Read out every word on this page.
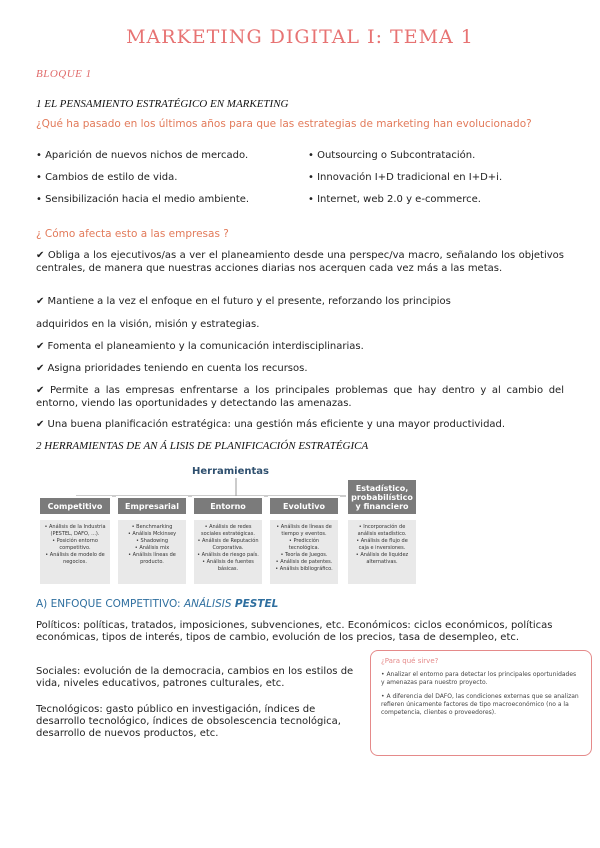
MARKETING DIGITAL I: TEMA 1
BLOQUE 1
1 EL PENSAMIENTO ESTRATÉGICO EN MARKETING
¿Qué ha pasado en los últimos años para que las estrategias de marketing han evolucionado?
• Aparición de nuevos nichos de mercado.
• Cambios de estilo de vida.
• Sensibilización hacia el medio ambiente.
• Outsourcing o Subcontratación.
• Innovación I+D tradicional en I+D+i.
• Internet, web 2.0 y e-commerce.
¿ Cómo afecta esto a las empresas ?
✔ Obliga a los ejecutivos/as a ver el planeamiento desde una perspec/va macro, señalando los objetivos centrales, de manera que nuestras acciones diarias nos acerquen cada vez más a las metas.
✔ Mantiene a la vez el enfoque en el futuro y el presente, reforzando los principios
adquiridos en la visión, misión y estrategias.
✔ Fomenta el planeamiento y la comunicación interdisciplinarias.
✔ Asigna prioridades teniendo en cuenta los recursos.
✔ Permite a las empresas enfrentarse a los principales problemas que hay dentro y al cambio del entorno, viendo las oportunidades y detectando las amenazas.
✔ Una buena planificación estratégica: una gestión más eficiente y una mayor productividad.
2 HERRAMIENTAS DE AN Á LISIS DE PLANIFICACIÓN ESTRATÉGICA
Herramientas
Competitivo	Empresarial	Entorno	Evolutivo
Estadístico, probabilístico y financiero
• Análisis de la Industria (PESTEL, DAFO, ...).
• Posición entorno competitivo.
• Análisis de modelo de negocios.
• Benchmarking
• Análisis Mckinsey
• Shadowing
• Análisis mix
• Análisis líneas de producto.
• Análisis de redes sociales estratégicas.
• Análisis de Reputación Corporativa.
• Análisis de riesgo país.
• Análisis de fuentes básicas.
• Análisis de líneas de tiempo y eventos.
• Predicción tecnológica.
• Teoría de Juegos.
• Análisis de patentes.
• Análisis bibliográfico.
• Incorporación de análisis estadístico.
• Análisis de flujo de caja e inversiones.
• Análisis de liquidez alternativas.
A) ENFOQUE COMPETITIVO: ANÁLISIS PESTEL
Políticos: políticas, tratados, imposiciones, subvenciones, etc. Económicos: ciclos económicos, políticas económicas, tipos de interés, tipos de cambio, evolución de los precios, tasa de desempleo, etc.
Sociales: evolución de la democracia, cambios en los estilos de vida, niveles educativos, patrones culturales, etc.
Tecnológicos: gasto público en investigación, índices de desarrollo tecnológico, índices de obsolescencia tecnológica, desarrollo de nuevos productos, etc.
¿Para qué sirve?
• Analizar el entorno para detectar los principales oportunidades y amenazas para nuestro proyecto.
• A diferencia del DAFO, las condiciones externas que se analizan refieren únicamente factores de tipo macroeconómico (no a la competencia, clientes o proveedores).
